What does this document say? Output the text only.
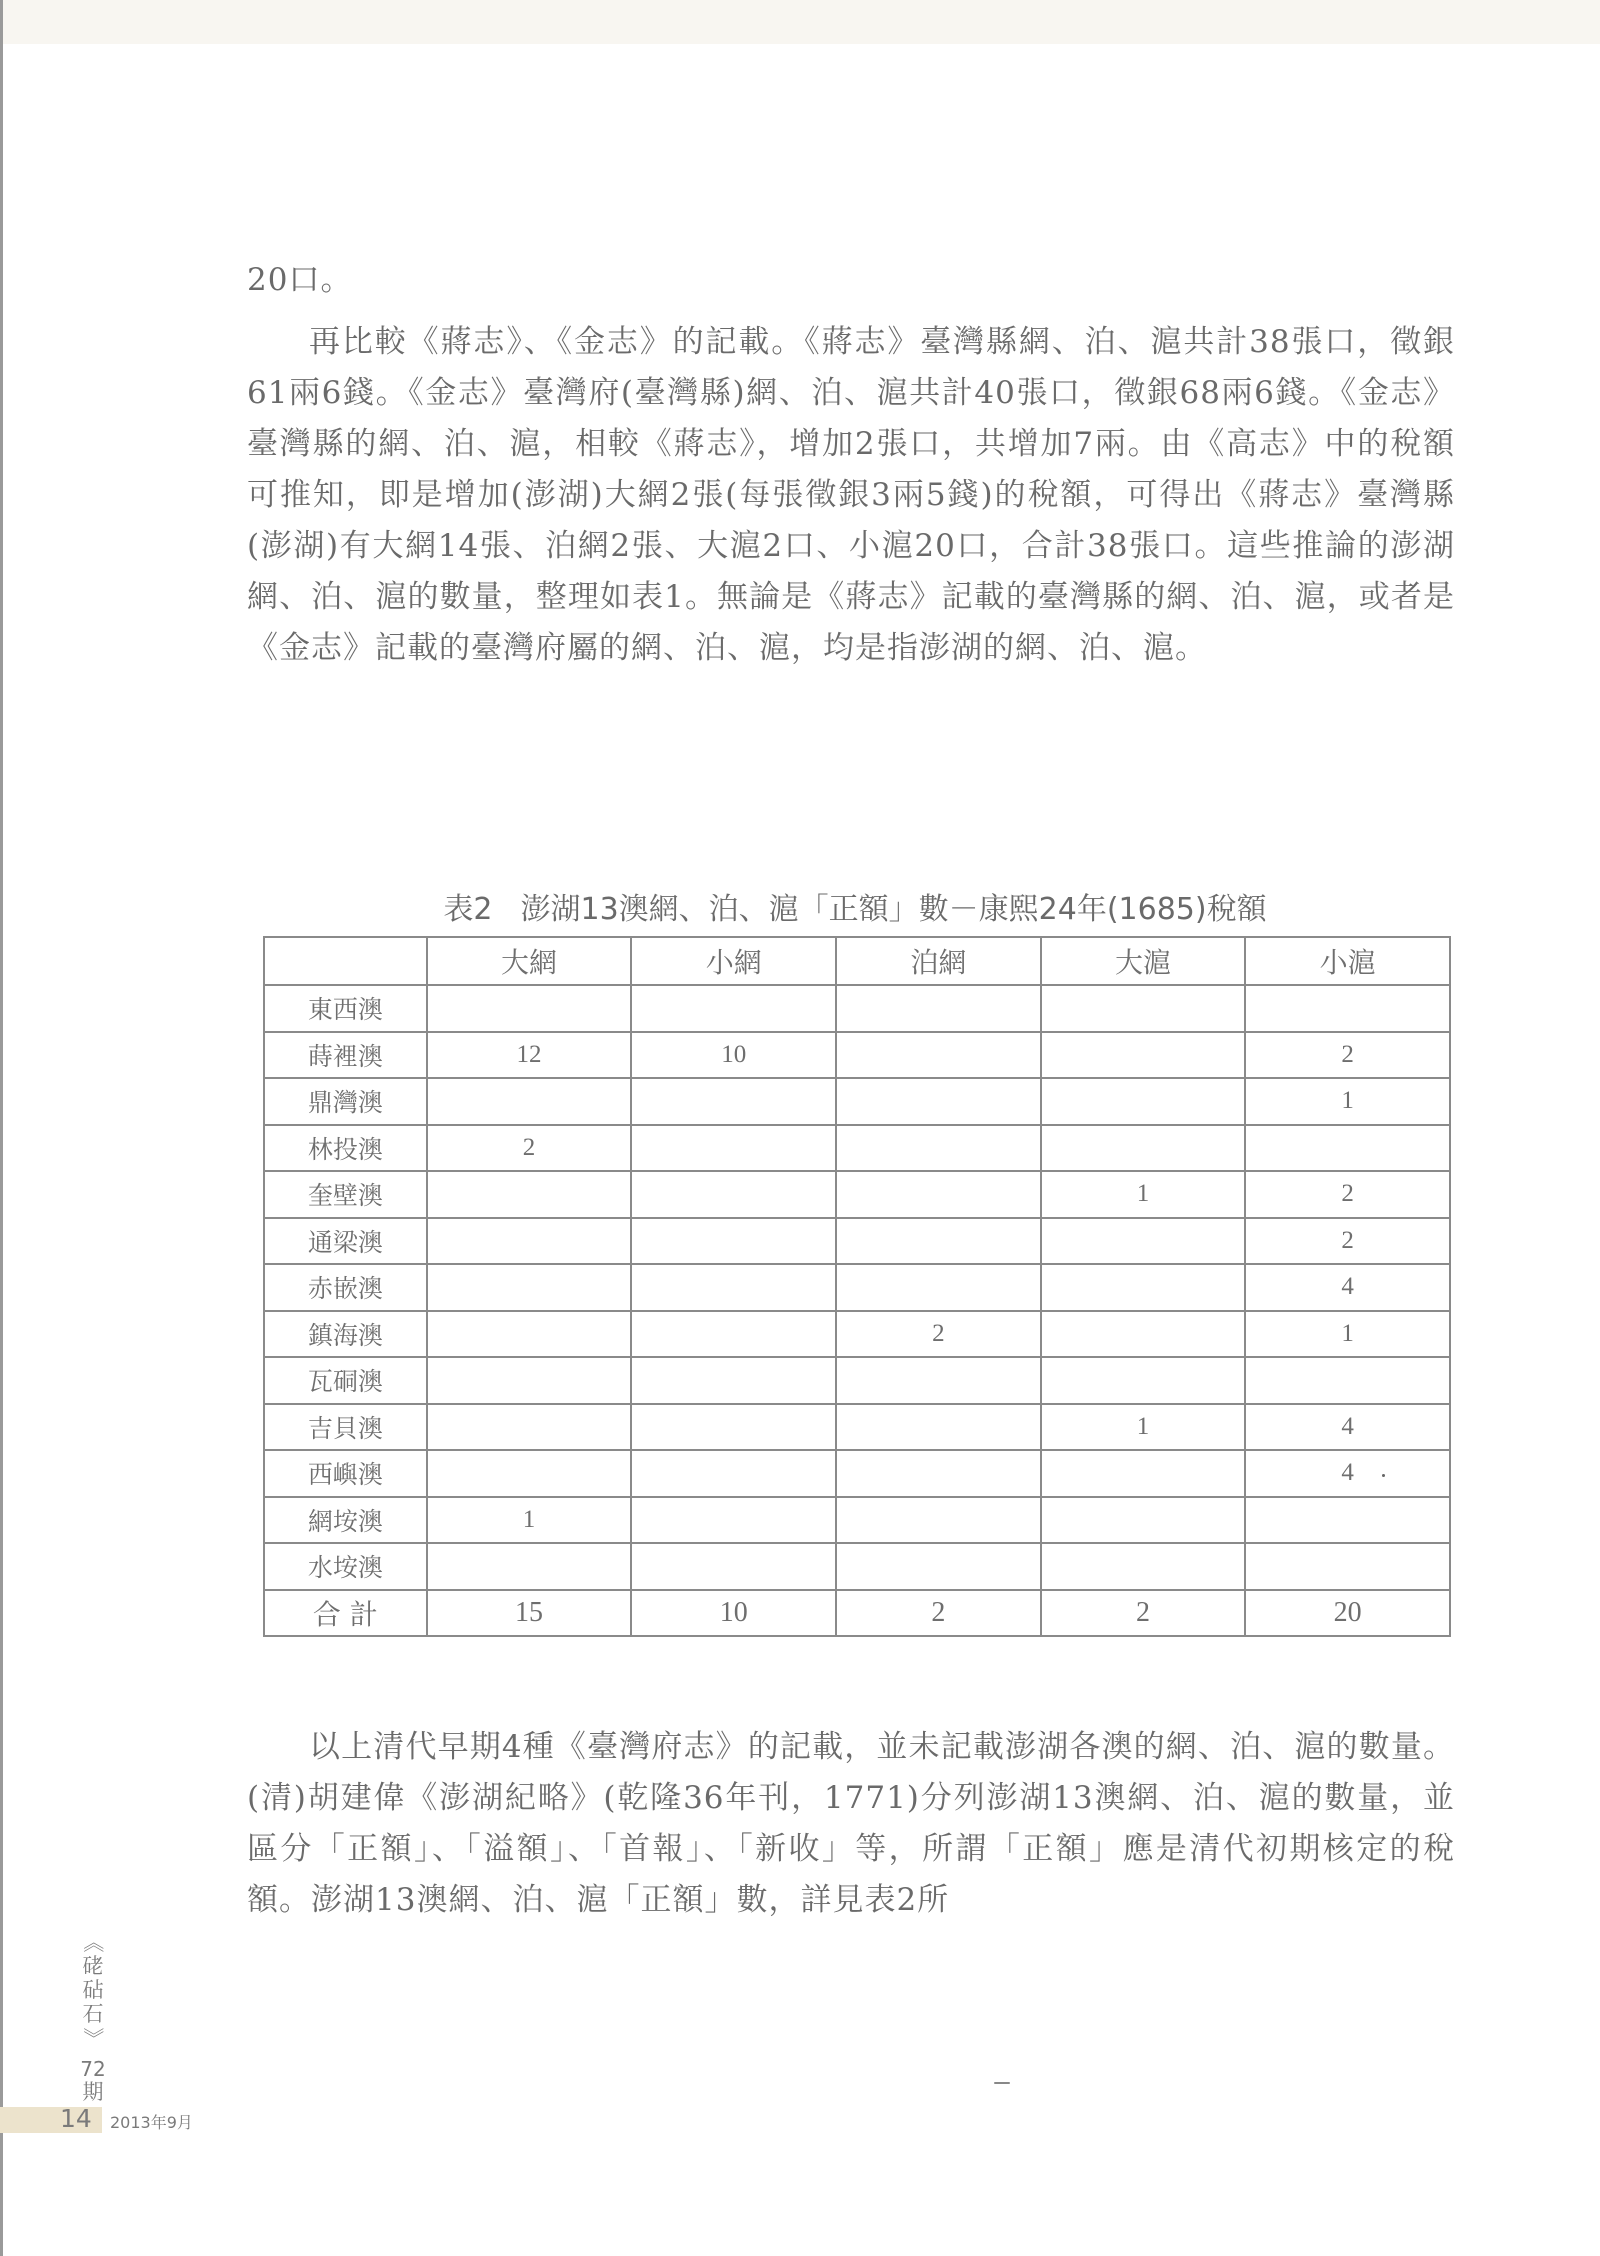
20口。

再比較《蔣志》、《金志》的記載。《蔣志》臺灣縣網、泊、滬共計38張口，徵銀61兩6錢。《金志》臺灣府(臺灣縣)網、泊、滬共計40張口，徵銀68兩6錢。《金志》臺灣縣的網、泊、滬，相較《蔣志》，增加2張口，共增加7兩。由《高志》中的稅額可推知，即是增加(澎湖)大網2張(每張徵銀3兩5錢)的稅額，可得出《蔣志》臺灣縣(澎湖)有大網14張、泊網2張、大滬2口、小滬20口，合計38張口。這些推論的澎湖網、泊、滬的數量，整理如表1。無論是《蔣志》記載的臺灣縣的網、泊、滬，或者是《金志》記載的臺灣府屬的網、泊、滬，均是指澎湖的網、泊、滬。

表2 澎湖13澳網、泊、滬「正額」數－康熙24年(1685)稅額
	大網	小網	泊網	大滬	小滬
東西澳					
蒔裡澳	12	10			2
鼎灣澳					1
林投澳	2				
奎壁澳				1	2
通梁澳					2
赤嵌澳					4
鎮海澳			2		1
瓦硐澳					
吉貝澳				1	4
西嶼澳					4
網垵澳	1				
水垵澳					
合 計	15	10	2	2	20

以上清代早期4種《臺灣府志》的記載，並未記載澎湖各澳的網、泊、滬的數量。(清)胡建偉《澎湖紀略》(乾隆36年刊，1771)分列澎湖13澳網、泊、滬的數量，並區分「正額」、「溢額」、「首報」、「新收」等，所謂「正額」應是清代初期核定的稅額。澎湖13澳網、泊、滬「正額」數，詳見表2所

《
硓
砧
石
》
72
期
14 2013年9月
